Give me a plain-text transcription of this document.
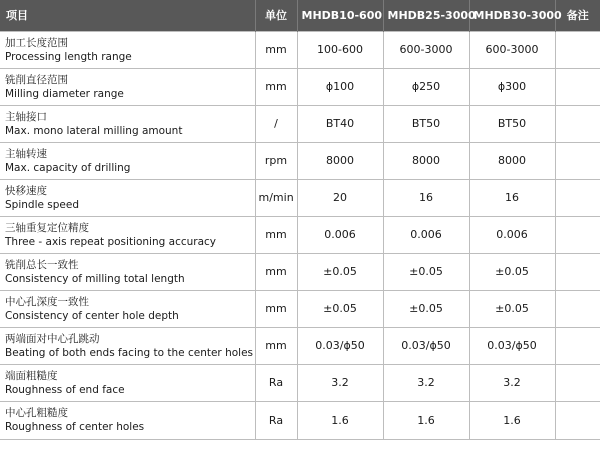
项目	单位	MHDB10-600	MHDB25-3000	MHDB30-3000	备注

加工长度范围
Processing length range	mm	100-600	600-3000	600-3000	

铣削直径范围
Milling diameter range	mm	ϕ100	ϕ250	ϕ300	

主轴接口
Max. mono lateral milling amount	/	BT40	BT50	BT50	

主轴转速
Max. capacity of drilling	rpm	8000	8000	8000	

快移速度
Spindle speed	m/min	20	16	16	

三轴重复定位精度
Three - axis repeat positioning accuracy	mm	0.006	0.006	0.006	

铣削总长一致性
Consistency of milling total length	mm	±0.05	±0.05	±0.05	

中心孔深度一致性
Consistency of center hole depth	mm	±0.05	±0.05	±0.05	

两端面对中心孔跳动
Beating of both ends facing to the center holes	mm	0.03/ϕ50	0.03/ϕ50	0.03/ϕ50	

端面粗糙度
Roughness of end face	Ra	3.2	3.2	3.2	

中心孔粗糙度
Roughness of center holes	Ra	1.6	1.6	1.6	
